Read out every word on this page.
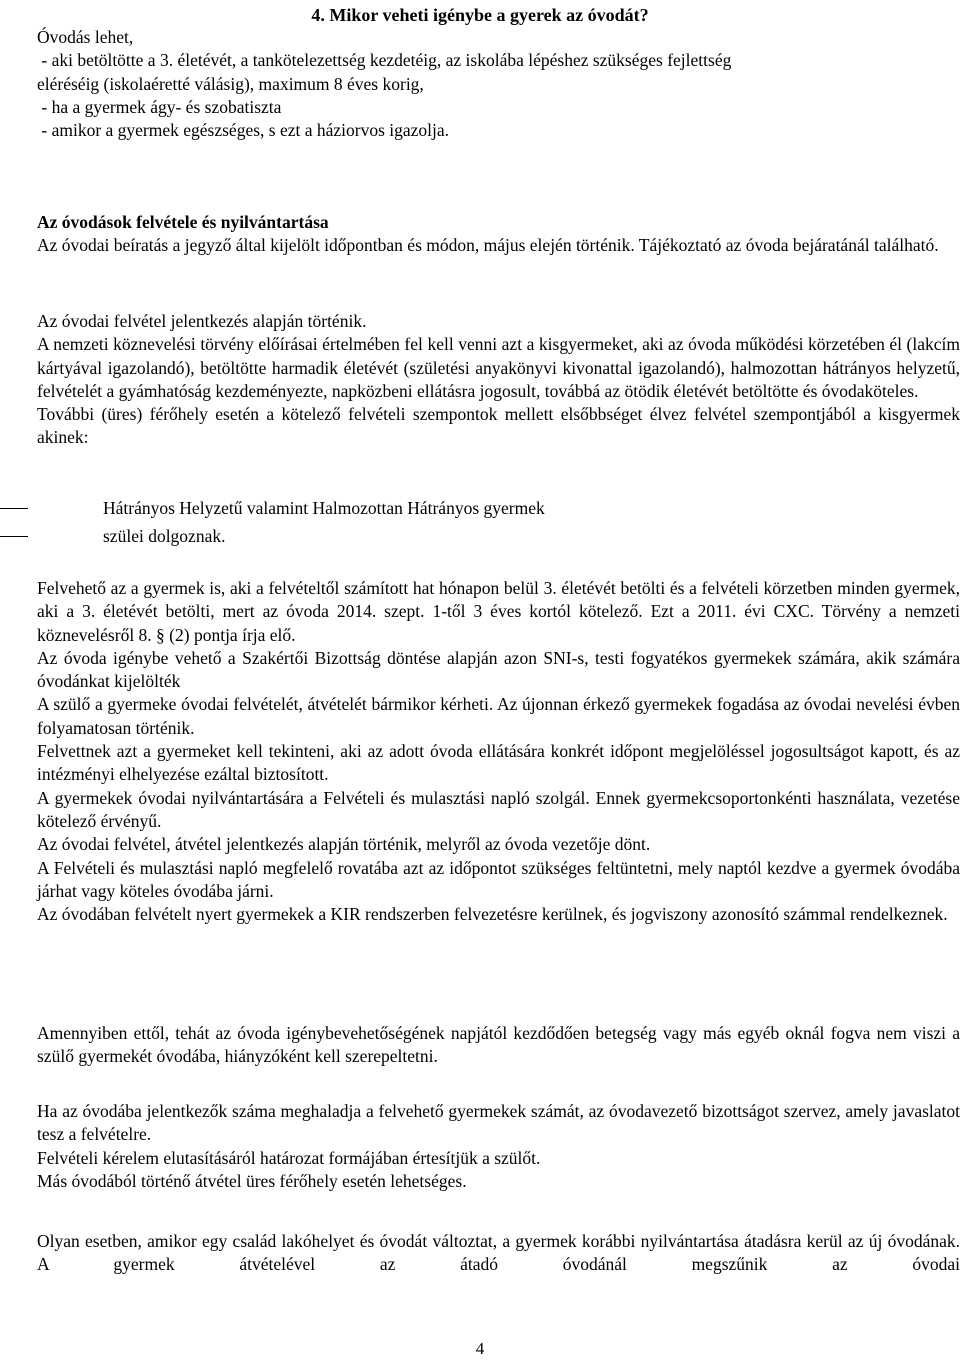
4. Mikor veheti igénybe a gyerek az óvodát?
Óvodás lehet,
- aki betöltötte a 3. életévét, a tankötelezettség kezdetéig, az iskolába lépéshez szükséges fejlettség
eléréséig (iskolaéretté válásig), maximum 8 éves korig,
- ha a gyermek ágy- és szobatiszta
- amikor a gyermek egészséges, s ezt a háziorvos igazolja.
Az óvodások felvétele és nyilvántartása
Az óvodai beíratás a jegyző által kijelölt időpontban és módon, május elején történik. Tájékoztató az óvoda bejáratánál található.
Az óvodai felvétel jelentkezés alapján történik.
A nemzeti köznevelési törvény előírásai értelmében fel kell venni azt a kisgyermeket, aki az óvoda működési körzetében él (lakcím kártyával igazolandó), betöltötte harmadik életévét (születési anyakönyvi kivonattal igazolandó), halmozottan hátrányos helyzetű, felvételét a gyámhatóság kezdeményezte, napközbeni ellátásra jogosult, továbbá az ötödik életévét betöltötte és óvodaköteles.
További (üres) férőhely esetén a kötelező felvételi szempontok mellett elsőbbséget élvez felvétel szempontjából a kisgyermek akinek:
Hátrányos Helyzetű valamint Halmozottan Hátrányos gyermek
szülei dolgoznak.
Felvehető az a gyermek is, aki a felvételtől számított hat hónapon belül 3. életévét betölti és a felvételi körzetben minden gyermek, aki a 3. életévét betölti, mert az óvoda 2014. szept. 1-től 3 éves kortól kötelező. Ezt a 2011. évi CXC. Törvény a nemzeti köznevelésről 8. § (2) pontja írja elő.
Az óvoda igénybe vehető a Szakértői Bizottság döntése alapján azon SNI-s, testi fogyatékos gyermekek számára, akik számára óvodánkat kijelölték
A szülő a gyermeke óvodai felvételét, átvételét bármikor kérheti. Az újonnan érkező gyermekek fogadása az óvodai nevelési évben folyamatosan történik.
Felvettnek azt a gyermeket kell tekinteni, aki az adott óvoda ellátására konkrét időpont megjelöléssel jogosultságot kapott, és az intézményi elhelyezése ezáltal biztosított.
A gyermekek óvodai nyilvántartására a Felvételi és mulasztási napló szolgál. Ennek gyermekcsoportonkénti használata, vezetése kötelező érvényű.
Az óvodai felvétel, átvétel jelentkezés alapján történik, melyről az óvoda vezetője dönt.
A Felvételi és mulasztási napló megfelelő rovatába azt az időpontot szükséges feltüntetni, mely naptól kezdve a gyermek óvodába járhat vagy köteles óvodába járni.
Az óvodában felvételt nyert gyermekek a KIR rendszerben felvezetésre kerülnek, és jogviszony azonosító számmal rendelkeznek.
Amennyiben ettől, tehát az óvoda igénybevehetőségének napjától kezdődően betegség vagy más egyéb oknál fogva nem viszi a szülő gyermekét óvodába, hiányzóként kell szerepeltetni.
Ha az óvodába jelentkezők száma meghaladja a felvehető gyermekek számát, az óvodavezető bizottságot szervez, amely javaslatot tesz a felvételre.
Felvételi kérelem elutasításáról határozat formájában értesítjük a szülőt.
Más óvodából történő átvétel üres férőhely esetén lehetséges.
Olyan esetben, amikor egy család lakóhelyet és óvodát változtat, a gyermek korábbi nyilvántartása átadásra kerül az új óvodának. A gyermek átvételével az átadó óvodánál megszűnik az óvodai
4
